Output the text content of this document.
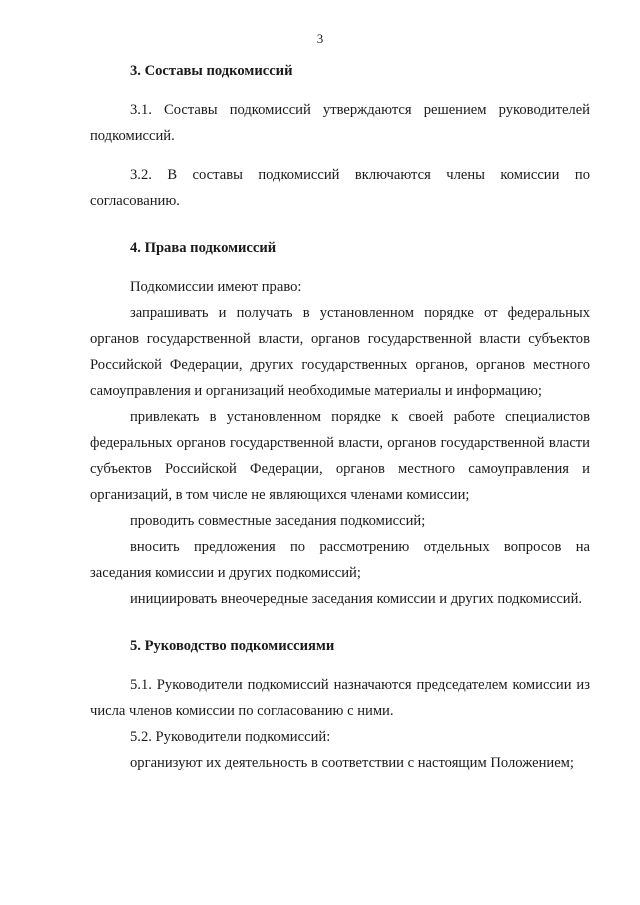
3

3. Составы подкомиссий

3.1. Составы подкомиссий утверждаются решением руководителей подкомиссий.

3.2. В составы подкомиссий включаются члены комиссии по согласованию.

4. Права подкомиссий

Подкомиссии имеют право:

запрашивать и получать в установленном порядке от федеральных органов государственной власти, органов государственной власти субъектов Российской Федерации, других государственных органов, органов местного самоуправления и организаций необходимые материалы и информацию;

привлекать в установленном порядке к своей работе специалистов федеральных органов государственной власти, органов государственной власти субъектов Российской Федерации, органов местного самоуправления и организаций, в том числе не являющихся членами комиссии;

проводить совместные заседания подкомиссий;

вносить предложения по рассмотрению отдельных вопросов на заседания комиссии и других подкомиссий;

инициировать внеочередные заседания комиссии и других подкомиссий.

5. Руководство подкомиссиями

5.1. Руководители подкомиссий назначаются председателем комиссии из числа членов комиссии по согласованию с ними.

5.2. Руководители подкомиссий:

организуют их деятельность в соответствии с настоящим Положением;
